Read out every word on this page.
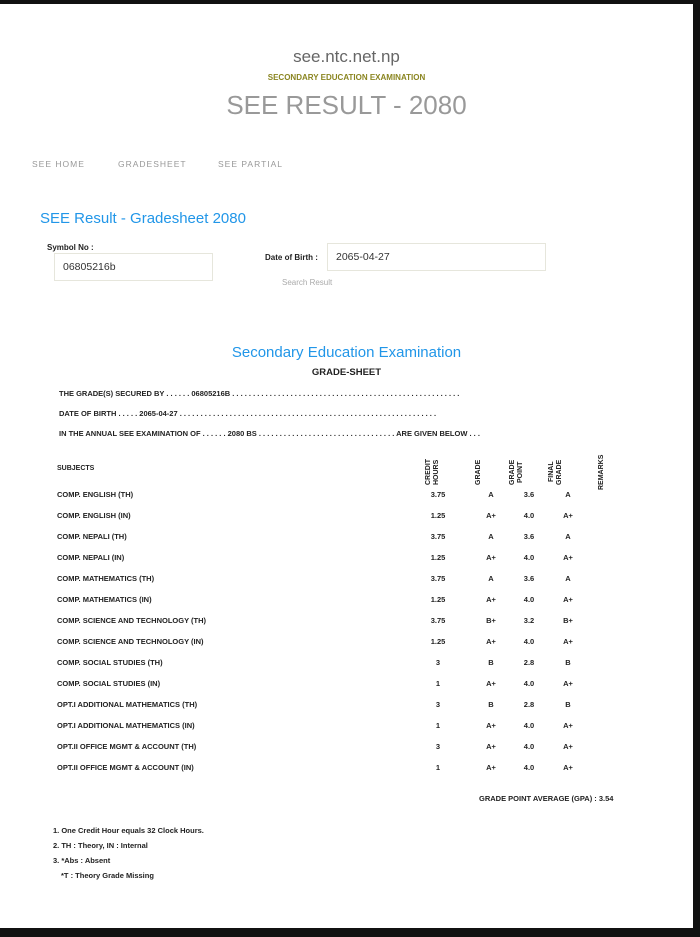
see.ntc.net.np
SECONDARY EDUCATION EXAMINATION
SEE RESULT - 2080
SEE HOME	GRADESHEET	SEE PARTIAL
SEE Result - Gradesheet 2080
Symbol No :
06805216b
Date of Birth :	2065-04-27
Search Result
Secondary Education Examination
GRADE-SHEET
THE GRADE(S) SECURED BY . . . . . . 06805216B . . . . . . . . . . . . . . . . . . . . . . . . . . . . . . . . . . . . . . . . . . . . . . . . . . . . . . .
DATE OF BIRTH . . . . . 2065-04-27 . . . . . . . . . . . . . . . . . . . . . . . . . . . . . . . . . . . . . . . . . . . . . . . . . . . . . . . . . . . . . .
IN THE ANNUAL SEE EXAMINATION OF . . . . . . 2080 BS . . . . . . . . . . . . . . . . . . . . . . . . . . . . . . . . . ARE GIVEN BELOW . . .
SUBJECTS	CREDIT HOURS	GRADE	GRADE POINT	FINAL GRADE	REMARKS
COMP. ENGLISH (TH)	3.75	A	3.6	A
COMP. ENGLISH (IN)	1.25	A+	4.0	A+
COMP. NEPALI (TH)	3.75	A	3.6	A
COMP. NEPALI (IN)	1.25	A+	4.0	A+
COMP. MATHEMATICS (TH)	3.75	A	3.6	A
COMP. MATHEMATICS (IN)	1.25	A+	4.0	A+
COMP. SCIENCE AND TECHNOLOGY (TH)	3.75	B+	3.2	B+
COMP. SCIENCE AND TECHNOLOGY (IN)	1.25	A+	4.0	A+
COMP. SOCIAL STUDIES (TH)	3	B	2.8	B
COMP. SOCIAL STUDIES (IN)	1	A+	4.0	A+
OPT.I ADDITIONAL MATHEMATICS (TH)	3	B	2.8	B
OPT.I ADDITIONAL MATHEMATICS (IN)	1	A+	4.0	A+
OPT.II OFFICE MGMT & ACCOUNT (TH)	3	A+	4.0	A+
OPT.II OFFICE MGMT & ACCOUNT (IN)	1	A+	4.0	A+
GRADE POINT AVERAGE (GPA) : 3.54
1. One Credit Hour equals 32 Clock Hours.
2. TH : Theory, IN : Internal
3. *Abs : Absent
*T : Theory Grade Missing
